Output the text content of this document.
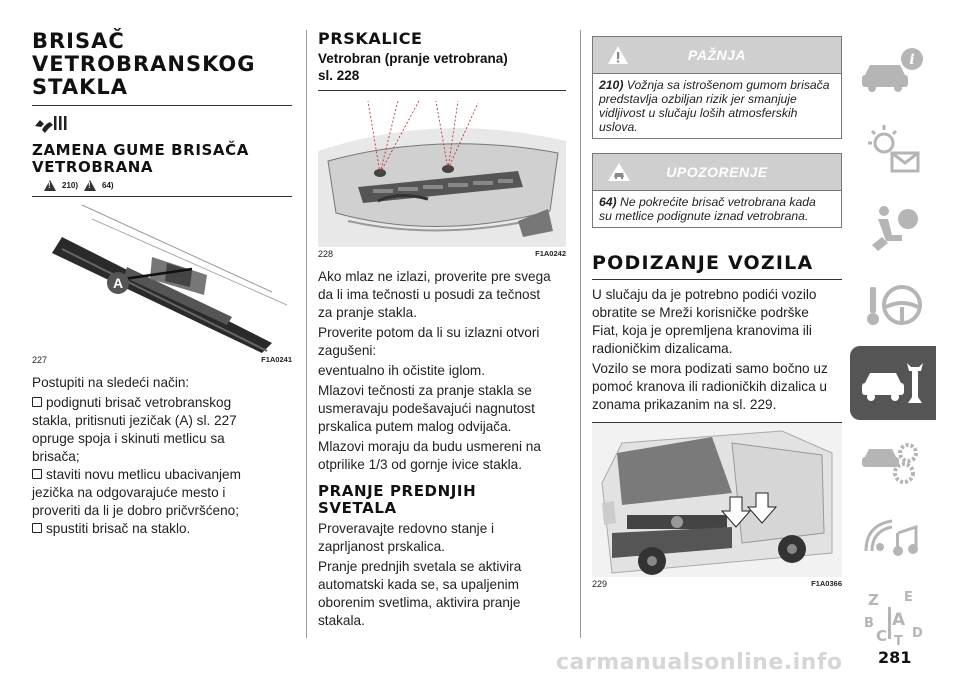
BRISAČ
VETROBRANSKOG
STAKLA
ZAMENA GUME BRISAČA
VETROBRANA
!
210)
!	64)
A
227	F1A0241
Postupiti na sledeći način:
podignuti brisač vetrobranskog
stakla, pritisnuti jezičak (A) sl. 227
opruge spoja i skinuti metlicu sa
brisača;
staviti novu metlicu ubacivanjem
jezička na odgovarajuće mesto i
proveriti da li je dobro pričvršćeno;
spustiti brisač na staklo.
PRSKALICE
Vetrobran (pranje vetrobrana)
sl. 228
228	F1A0242
Ako mlaz ne izlazi, proverite pre svega
da li ima tečnosti u posudi za tečnost
za pranje stakla.
Proverite potom da li su izlazni otvori
zagušeni:
eventualno ih očistite iglom.
Mlazovi tečnosti za pranje stakla se
usmeravaju podešavajući nagnutost
prskalica putem malog odvijača.
Mlazovi moraju da budu usmereni na
otprilike 1/3 od gornje ivice stakla.
PRANJE PREDNJIH
SVETALA
Proveravajte redovno stanje i
zaprljanost prskalica.
Pranje prednjih svetala se aktivira
automatski kada se, sa upaljenim
oborenim svetlima, aktivira pranje
stakala.
PAŽNJA
210) Vožnja sa istrošenom gumom brisača
predstavlja ozbiljan rizik jer smanjuje
vidljivost u slučaju loših atmosferskih
uslova.
UPOZORENJE
64) Ne pokrećite brisač vetrobrana kada
su metlice podignute iznad vetrobrana.
PODIZANJE VOZILA
U slučaju da je potrebno podići vozilo
obratite se Mreži korisničke podrške
Fiat, koja je opremljena kranovima ili
radioničkim dizalicama.
Vozilo se mora podizati samo bočno uz
pomoć kranova ili radioničkih dizalica u
zonama prikazanim na sl. 229.
229	F1A0366
i
Z E
B A
C T
D
carmanualsonline.info 281
